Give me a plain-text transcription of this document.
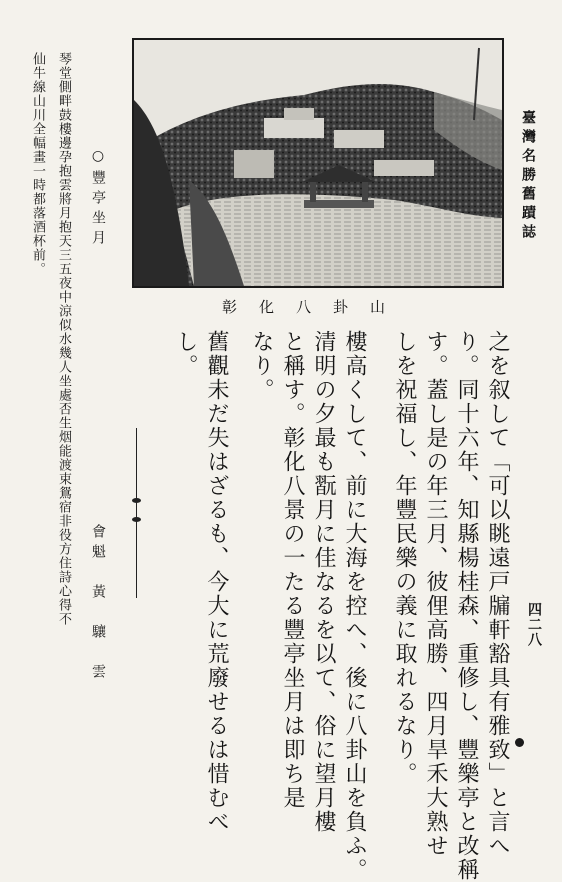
臺灣名勝舊蹟誌
四二八
彰化八卦山
之を叙して「可以眺遠戸牖軒豁具有雅致」と言へ
り。同十六年、知縣楊桂森、重修し、豐樂亭と改稱
す。蓋し是の年三月、彼俚高勝、四月旱禾大熟せ
しを祝福し、年豐民樂の義に取れるなり。
樓高くして、前に大海を控へ、後に八卦山を負ふ。
清明の夕最も翫月に佳なるを以て、俗に望月樓
と稱す。彰化八景の一たる豐亭坐月は即ち是
なり。
舊觀未だ失はざるも、今大に荒廢せるは惜むべ
し。
○豐亭坐月
會魁　黃　驤　雲
琴堂側畔鼓樓邊孕抱雲將月抱天三五夜中涼似水幾人坐處否生烟能渡束鴛宿非役方住詩心得不
仙牛線山川全幅畫一時都落酒杯前。
